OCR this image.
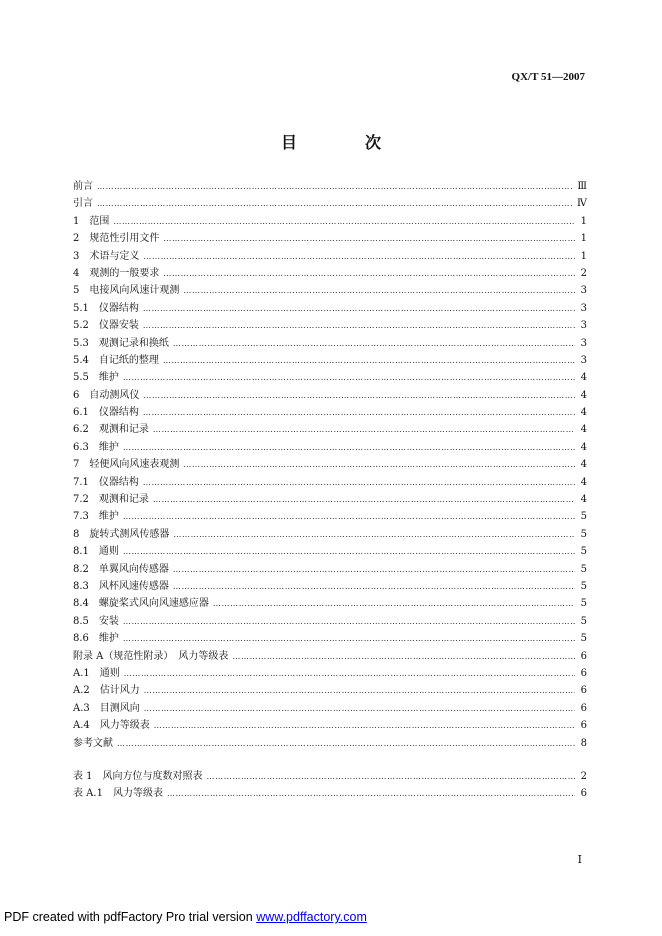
QX/T 51—2007
目　次
前言 ………………………………………………………………………………………………………………………………………………………………………………	Ⅲ
引言 ………………………………………………………………………………………………………………………………………………………………………………	Ⅳ
1　范围 ………………………………………………………………………………………………………………………………………………………………………………	1
2　规范性引用文件 ………………………………………………………………………………………………………………………………………………………………………………	1
3　术语与定义 ………………………………………………………………………………………………………………………………………………………………………………	1
4　观测的一般要求 ………………………………………………………………………………………………………………………………………………………………………………	2
5　电接风向风速计观测 ………………………………………………………………………………………………………………………………………………………………………………	3
5.1　仪器结构 ………………………………………………………………………………………………………………………………………………………………………………	3
5.2　仪器安装 ………………………………………………………………………………………………………………………………………………………………………………	3
5.3　观测记录和换纸 ………………………………………………………………………………………………………………………………………………………………………………	3
5.4　自记纸的整理 ………………………………………………………………………………………………………………………………………………………………………………	3
5.5　维护 ………………………………………………………………………………………………………………………………………………………………………………	4
6　自动测风仪 ………………………………………………………………………………………………………………………………………………………………………………	4
6.1　仪器结构 ………………………………………………………………………………………………………………………………………………………………………………	4
6.2　观测和记录 ………………………………………………………………………………………………………………………………………………………………………………	4
6.3　维护 ………………………………………………………………………………………………………………………………………………………………………………	4
7　轻便风向风速表观测 ………………………………………………………………………………………………………………………………………………………………………………	4
7.1　仪器结构 ………………………………………………………………………………………………………………………………………………………………………………	4
7.2　观测和记录 ………………………………………………………………………………………………………………………………………………………………………………	4
7.3　维护 ………………………………………………………………………………………………………………………………………………………………………………	5
8　旋转式测风传感器 ………………………………………………………………………………………………………………………………………………………………………………	5
8.1　通则 ………………………………………………………………………………………………………………………………………………………………………………	5
8.2　单翼风向传感器 ………………………………………………………………………………………………………………………………………………………………………………	5
8.3　风杯风速传感器 ………………………………………………………………………………………………………………………………………………………………………………	5
8.4　螺旋桨式风向风速感应器 ………………………………………………………………………………………………………………………………………………………………………………	5
8.5　安装 ………………………………………………………………………………………………………………………………………………………………………………	5
8.6　维护 ………………………………………………………………………………………………………………………………………………………………………………	5
附录 A（规范性附录）　风力等级表 ………………………………………………………………………………………………………………………………………………………………………………	6
A.1　通则 ………………………………………………………………………………………………………………………………………………………………………………	6
A.2　估计风力 ………………………………………………………………………………………………………………………………………………………………………………	6
A.3　目测风向 ………………………………………………………………………………………………………………………………………………………………………………	6
A.4　风力等级表 ………………………………………………………………………………………………………………………………………………………………………………	6
参考文献 ………………………………………………………………………………………………………………………………………………………………………………	8
表 1　风向方位与度数对照表 ………………………………………………………………………………………………………………………………………………………………………………	2
表 A.1　风力等级表 ………………………………………………………………………………………………………………………………………………………………………………	6
I
PDF created with pdfFactory Pro trial version www.pdffactory.com
